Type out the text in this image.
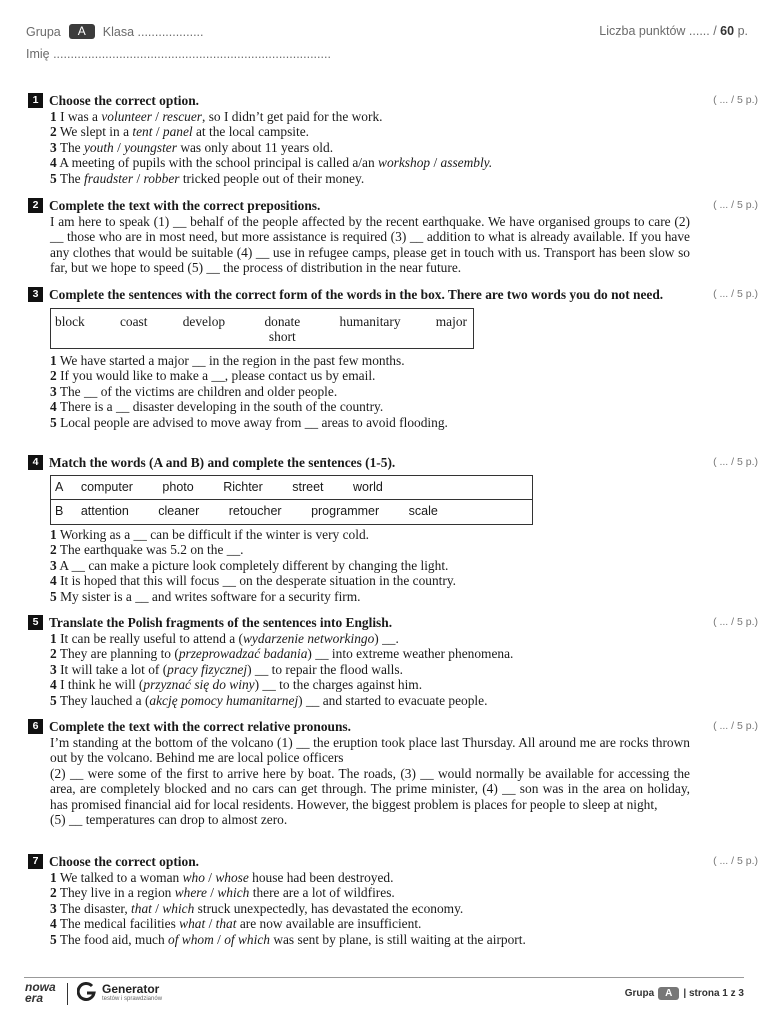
Grupa	A	Klasa ...................
Imię ................................................................................
Liczba punktów ...... / 60 p.
1 Choose the correct option.

1 I was a volunteer / rescuer, so I didn’t get paid for the work.

2 We slept in a tent / panel at the local campsite.

3 The youth / youngster was only about 11 years old.

4 A meeting of pupils with the school principal is called a/an workshop / assembly.

5 The fraudster / robber tricked people out of their money.

( ... / 5 p.)
2 Complete the text with the correct prepositions.
I am here to speak (1) __ behalf of the people affected by the recent earthquake. We have organised groups to care (2) __ those who are in most need, but more assistance is required (3) __ addition to what is already available. If you have any clothes that would be suitable (4) __ use in refugee camps, please get in touch with us. Transport has been slow so far, but we hope to speed (5) __ the process of distribution in the near future.
( ... / 5 p.)
3 Complete the sentences with the correct form of the words in the box. There are two words you do not need.
block	coast	develop	donate short
humanitary	major

1 We have started a major __ in the region in the past few months.

2 If you would like to make a __, please contact us by email.

3 The __ of the victims are children and older people.

4 There is a __ disaster developing in the south of the country.

5 Local people are advised to move away from __ areas to avoid flooding.

( ... / 5 p.)
4 Match the words (A and B) and complete the sentences (1-5).
A computer photo Richter street world
B attention cleaner retoucher programmer scale

1 Working as a __ can be difficult if the winter is very cold.

2 The earthquake was 5.2 on the __.

3 A __ can make a picture look completely different by changing the light.

4 It is hoped that this will focus __ on the desperate situation in the country.

5 My sister is a __ and writes software for a security firm.

( ... / 5 p.)
5 Translate the Polish fragments of the sentences into English.

1 It can be really useful to attend a (wydarzenie networkingo) __.

2 They are planning to (przeprowadzać badania) __ into extreme weather phenomena.

3 It will take a lot of (pracy fizycznej) __ to repair the flood walls.

4 I think he will (przyznać się do winy) __ to the charges against him.

5 They lauched a (akcję pomocy humanitarnej) __ and started to evacuate people.

( ... / 5 p.)
6 Complete the text with the correct relative pronouns.

I’m standing at the bottom of the volcano (1) __ the eruption took place last Thursday. All around me are rocks thrown out by the volcano. Behind me are local police officers

(2) __ were some of the first to arrive here by boat. The roads, (3) __ would normally be available for accessing the area, are completely blocked and no cars can get through. The prime minister, (4) __ son was in the area on holiday, has promised financial aid for local residents. However, the biggest problem is places for people to sleep at night,

(5) __ temperatures can drop to almost zero.

( ... / 5 p.)
7 Choose the correct option.

1 We talked to a woman who / whose house had been destroyed.

2 They live in a region where / which there are a lot of wildfires.

3 The disaster, that / which struck unexpectedly, has devastated the economy.

4 The medical facilities what / that are now available are insufficient.

5 The food aid, much of whom / of which was sent by plane, is still waiting at the airport.

( ... / 5 p.)
nowa
era
Generator
testów i sprawdzianów	Grupa	A	| strona 1 z 3
